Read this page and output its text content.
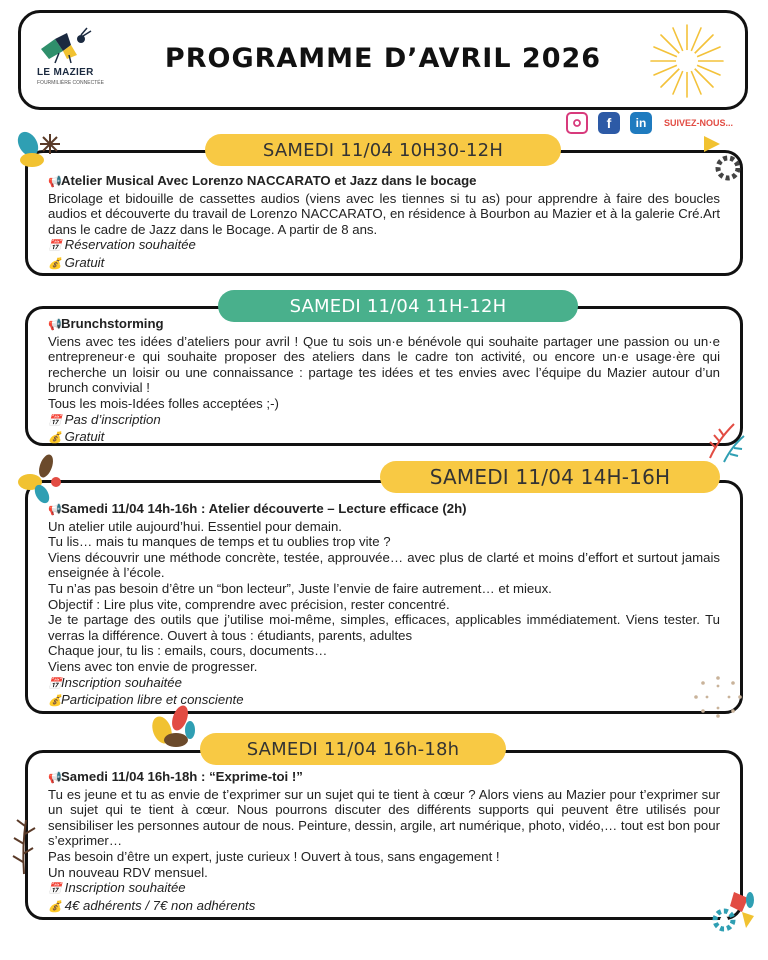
LE MAZIER
FOURMILIÈRE CONNECTÉE
PROGRAMME D’AVRIL 2026
f	in	SUIVEZ-NOUS...
SAMEDI 11/04 10H30-12H

📢Atelier Musical Avec Lorenzo NACCARATO et Jazz dans le bocage

Bricolage et bidouille de cassettes audios (viens avec les tiennes si tu as) pour apprendre à faire des boucles audios et découverte du travail de Lorenzo NACCARATO, en résidence à Bourbon au Mazier et à la galerie Cré.Art dans le cadre de Jazz dans le Bocage. A partir de 8 ans.

📅 Réservation souhaitée

💰 Gratuit

SAMEDI 11/04 11H-12H

📢Brunchstorming

Viens avec tes idées d’ateliers pour avril ! Que tu sois un·e bénévole qui souhaite partager une passion ou un·e entrepreneur·e qui souhaite proposer des ateliers dans le cadre ton activité, ou encore un·e usage·ère qui recherche un loisir ou une connaissance : partage tes idées et tes envies avec l’équipe du Mazier autour d’un brunch convivial !

Tous les mois-Idées folles acceptées ;-)

📅 Pas d’inscription

💰 Gratuit

SAMEDI 11/04 14H-16H

📢Samedi 11/04 14h-16h : Atelier découverte – Lecture efficace (2h)

Un atelier utile aujourd’hui. Essentiel pour demain.

Tu lis… mais tu manques de temps et tu oublies trop vite ?

Viens découvrir une méthode concrète, testée, approuvée… avec plus de clarté et moins d’effort et surtout jamais enseignée à l’école.

Tu n’as pas besoin d’être un “bon lecteur”, Juste l’envie de faire autrement… et mieux.

Objectif : Lire plus vite, comprendre avec précision, rester concentré.

Je te partage des outils que j’utilise moi-même, simples, efficaces, applicables immédiatement. Viens tester. Tu verras la différence. Ouvert à tous : étudiants, parents, adultes

Chaque jour, tu lis : emails, cours, documents…

Viens avec ton envie de progresser.

📅Inscription souhaitée

💰Participation libre et consciente

SAMEDI 11/04 16h-18h

📢Samedi 11/04 16h-18h : “Exprime-toi !”

Tu es jeune et tu as envie de t’exprimer sur un sujet qui te tient à cœur ? Alors viens au Mazier pour t’exprimer sur un sujet qui te tient à cœur. Nous pourrons discuter des différents supports qui peuvent être utilisés pour sensibiliser les personnes autour de nous. Peinture, dessin, argile, art numérique, photo, vidéo,… tout est bon pour s’exprimer…

Pas besoin d’être un expert, juste curieux ! Ouvert à tous, sans engagement !

Un nouveau RDV mensuel.

📅 Inscription souhaitée

💰 4€ adhérents / 7€ non adhérents
